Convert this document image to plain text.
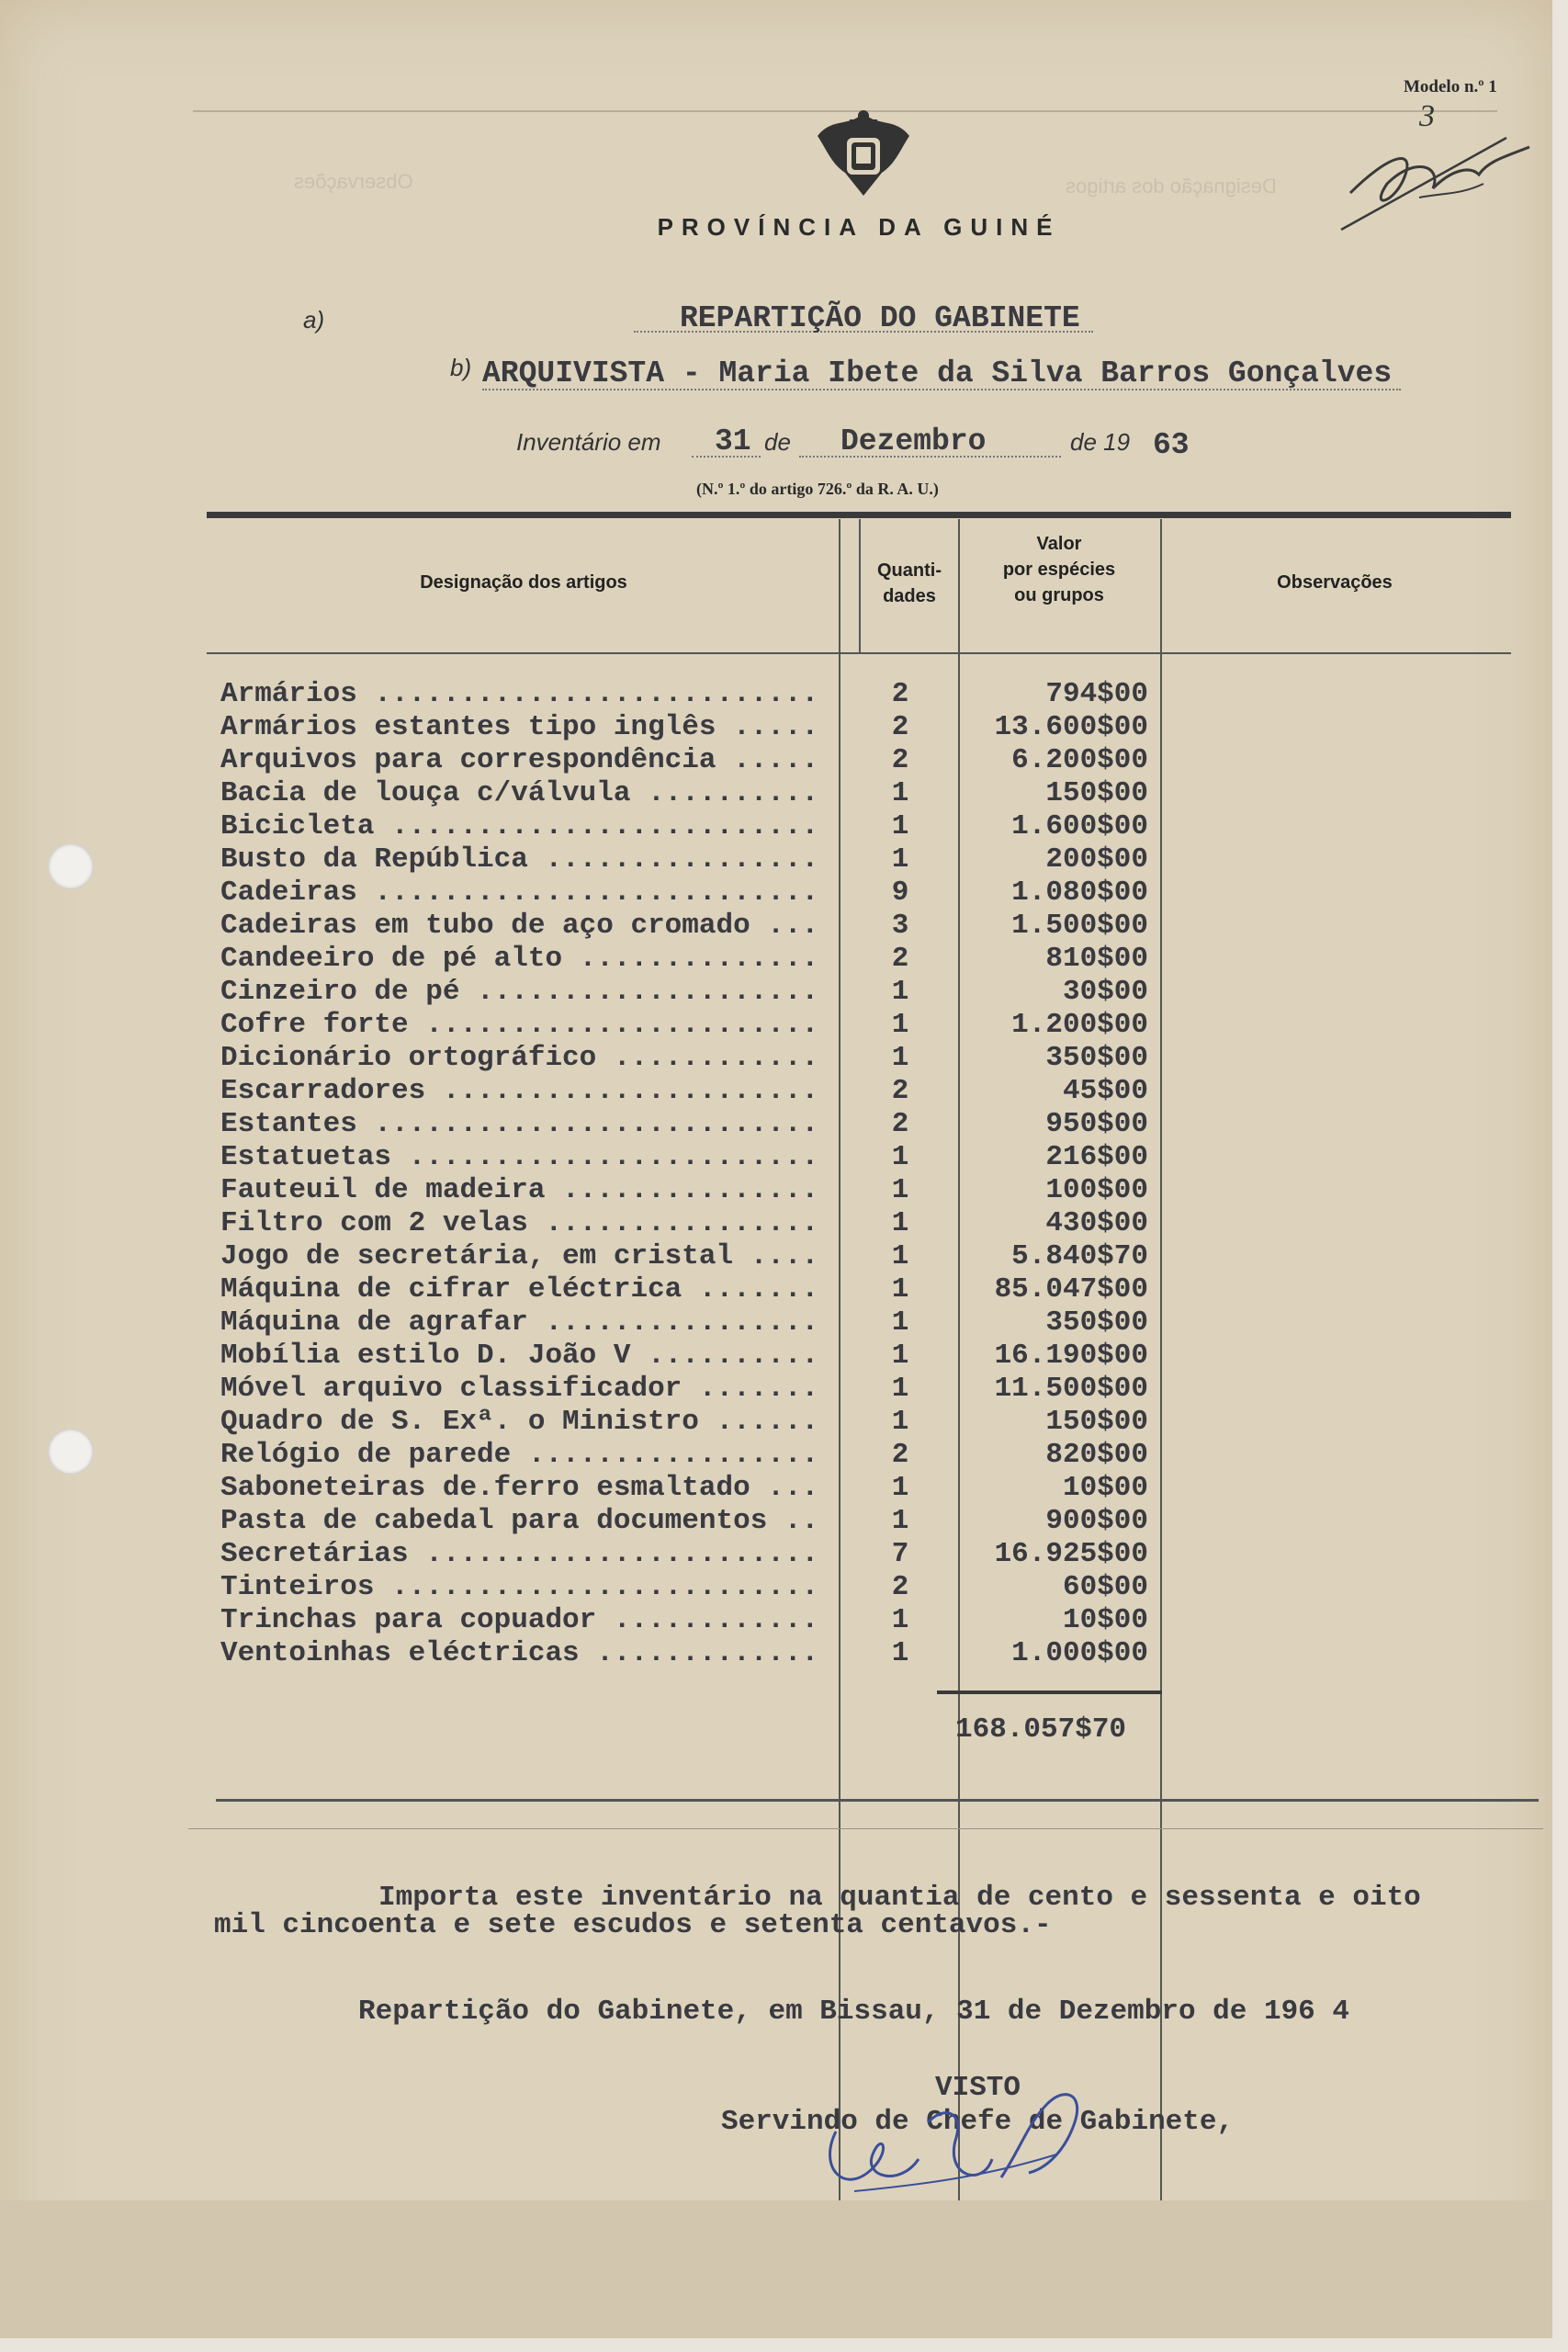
Observações	Designação dos artigos
Modelo n.º 1
3
PROVÍNCIA DA GUINÉ
a)	REPARTIÇÃO DO GABINETE
b) ARQUIVISTA - Maria Ibete da Silva Barros Gonçalves
Inventário em 31 de Dezembro	de 19 63
(N.º 1.º do artigo 726.º da R. A. U.)
Designação dos artigos
Quanti-
dades
Valor
por espécies
ou grupos
Observações
Armários ..........................	2	794$00
Armários estantes tipo inglês .....	2	13.600$00
Arquivos para correspondência .....	2	6.200$00
Bacia de louça c/válvula ..........	1	150$00
Bicicleta .........................	1	1.600$00
Busto da República ................	1	200$00
Cadeiras ..........................	9	1.080$00
Cadeiras em tubo de aço cromado ...	3	1.500$00
Candeeiro de pé alto ..............	2	810$00
Cinzeiro de pé ....................	1	30$00
Cofre forte .......................	1	1.200$00
Dicionário ortográfico ............	1	350$00
Escarradores ......................	2	45$00
Estantes ..........................	2	950$00
Estatuetas ........................	1	216$00
Fauteuil de madeira ...............	1	100$00
Filtro com 2 velas ................	1	430$00
Jogo de secretária, em cristal ....	1	5.840$70
Máquina de cifrar eléctrica .......	1	85.047$00
Máquina de agrafar ................	1	350$00
Mobília estilo D. João V ..........	1	16.190$00
Móvel arquivo classificador .......	1	11.500$00
Quadro de S. Exª. o Ministro ......	1	150$00
Relógio de parede .................	2	820$00
Saboneteiras de.ferro esmaltado ...	1	10$00
Pasta de cabedal para documentos ..	1	900$00
Secretárias .......................	7	16.925$00
Tinteiros .........................	2	60$00
Trinchas para copuador ............	1	10$00
Ventoinhas eléctricas .............	1	1.000$00
168.057$70
Importa este inventário na quantia de cento e sessenta e oito
mil cincoenta e sete escudos e setenta centavos.-
Repartição do Gabinete, em Bissau, 31 de Dezembro de 196 4
VISTO
Servindo de Chefe de Gabinete,
